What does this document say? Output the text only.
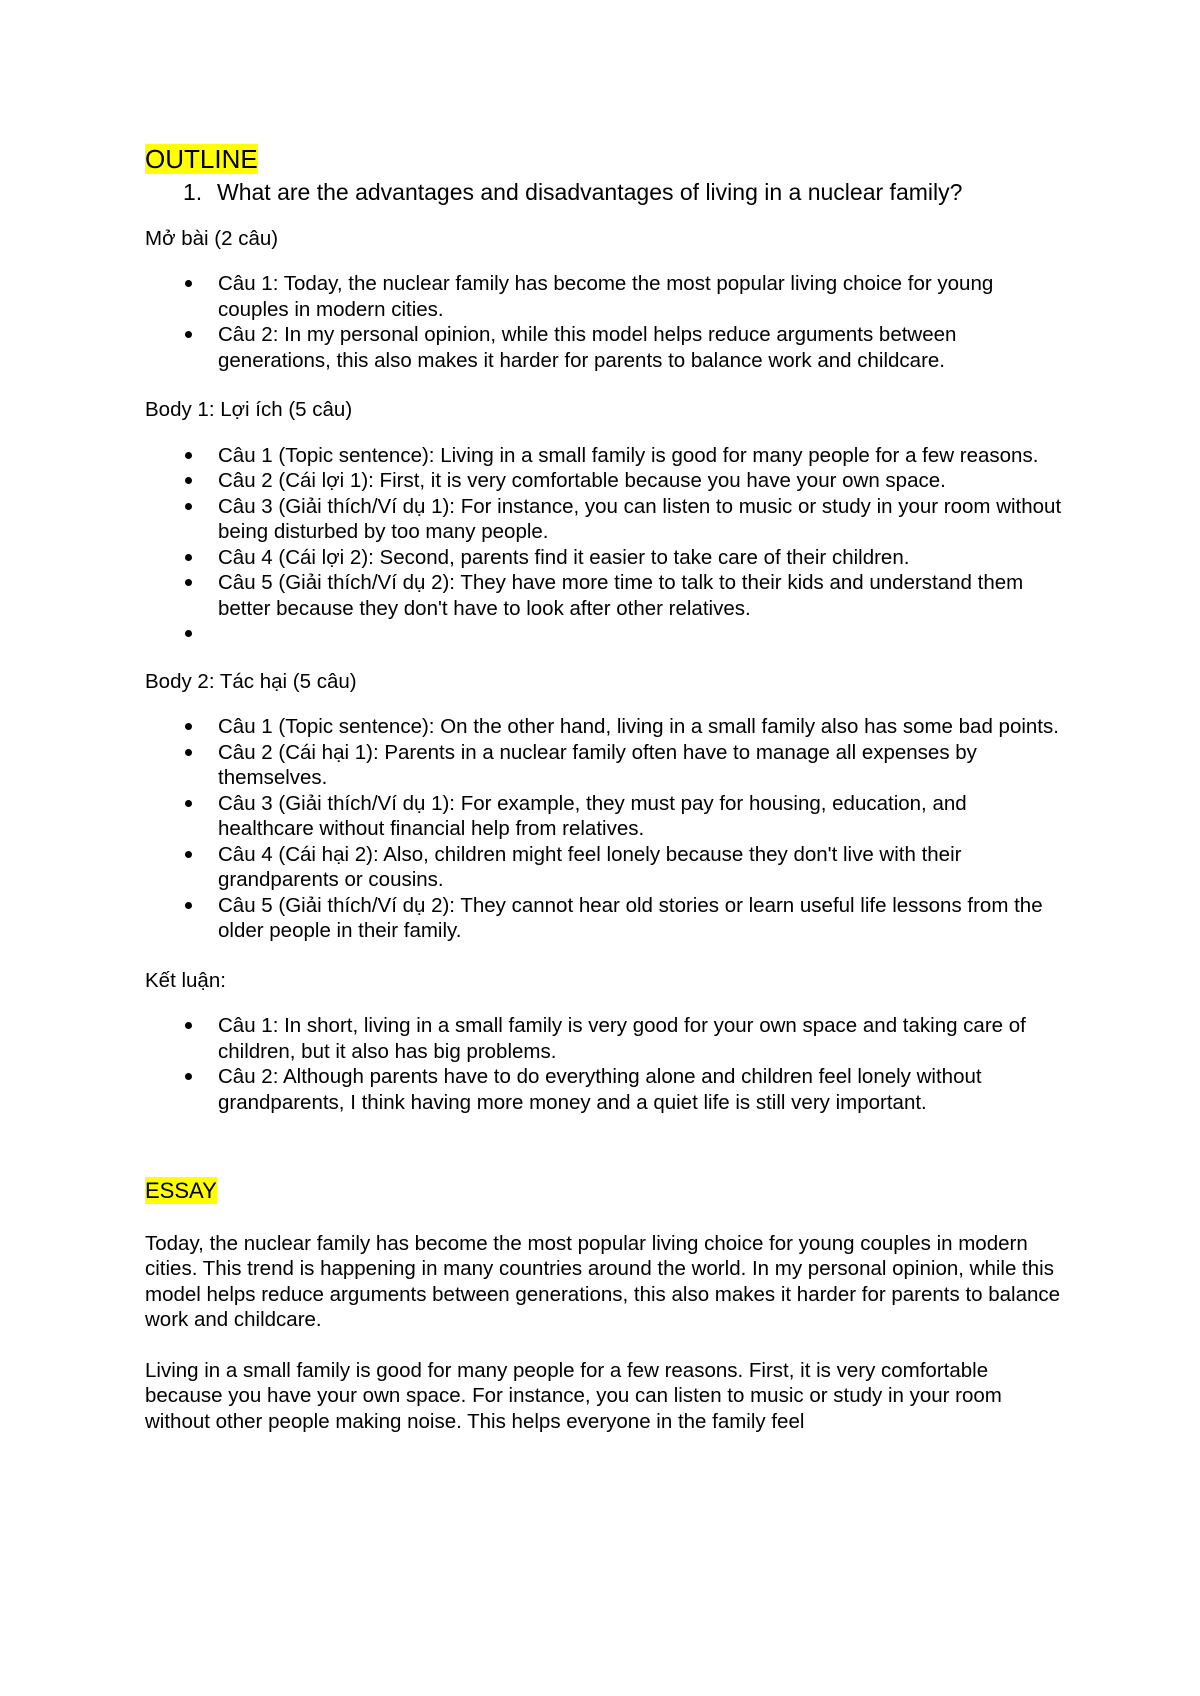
OUTLINE
1. What are the advantages and disadvantages of living in a nuclear family?

Mở bài (2 câu)

Câu 1: Today, the nuclear family has become the most popular living choice for young couples in modern cities.
Câu 2: In my personal opinion, while this model helps reduce arguments between generations, this also makes it harder for parents to balance work and childcare.

Body 1: Lợi ích (5 câu)

Câu 1 (Topic sentence): Living in a small family is good for many people for a few reasons.
Câu 2 (Cái lợi 1): First, it is very comfortable because you have your own space.
Câu 3 (Giải thích/Ví dụ 1): For instance, you can listen to music or study in your room without being disturbed by too many people.
Câu 4 (Cái lợi 2): Second, parents find it easier to take care of their children.
Câu 5 (Giải thích/Ví dụ 2): They have more time to talk to their kids and understand them better because they don't have to look after other relatives.

Body 2: Tác hại (5 câu)

Câu 1 (Topic sentence): On the other hand, living in a small family also has some bad points.
Câu 2 (Cái hại 1): Parents in a nuclear family often have to manage all expenses by themselves.
Câu 3 (Giải thích/Ví dụ 1): For example, they must pay for housing, education, and healthcare without financial help from relatives.
Câu 4 (Cái hại 2): Also, children might feel lonely because they don't live with their grandparents or cousins.
Câu 5 (Giải thích/Ví dụ 2): They cannot hear old stories or learn useful life lessons from the older people in their family.

Kết luận:

Câu 1: In short, living in a small family is very good for your own space and taking care of children, but it also has big problems.
Câu 2: Although parents have to do everything alone and children feel lonely without grandparents, I think having more money and a quiet life is still very important.
ESSAY

Today, the nuclear family has become the most popular living choice for young couples in modern cities. This trend is happening in many countries around the world. In my personal opinion, while this model helps reduce arguments between generations, this also makes it harder for parents to balance work and childcare.

Living in a small family is good for many people for a few reasons. First, it is very comfortable because you have your own space. For instance, you can listen to music or study in your room without other people making noise. This helps everyone in the family feel
